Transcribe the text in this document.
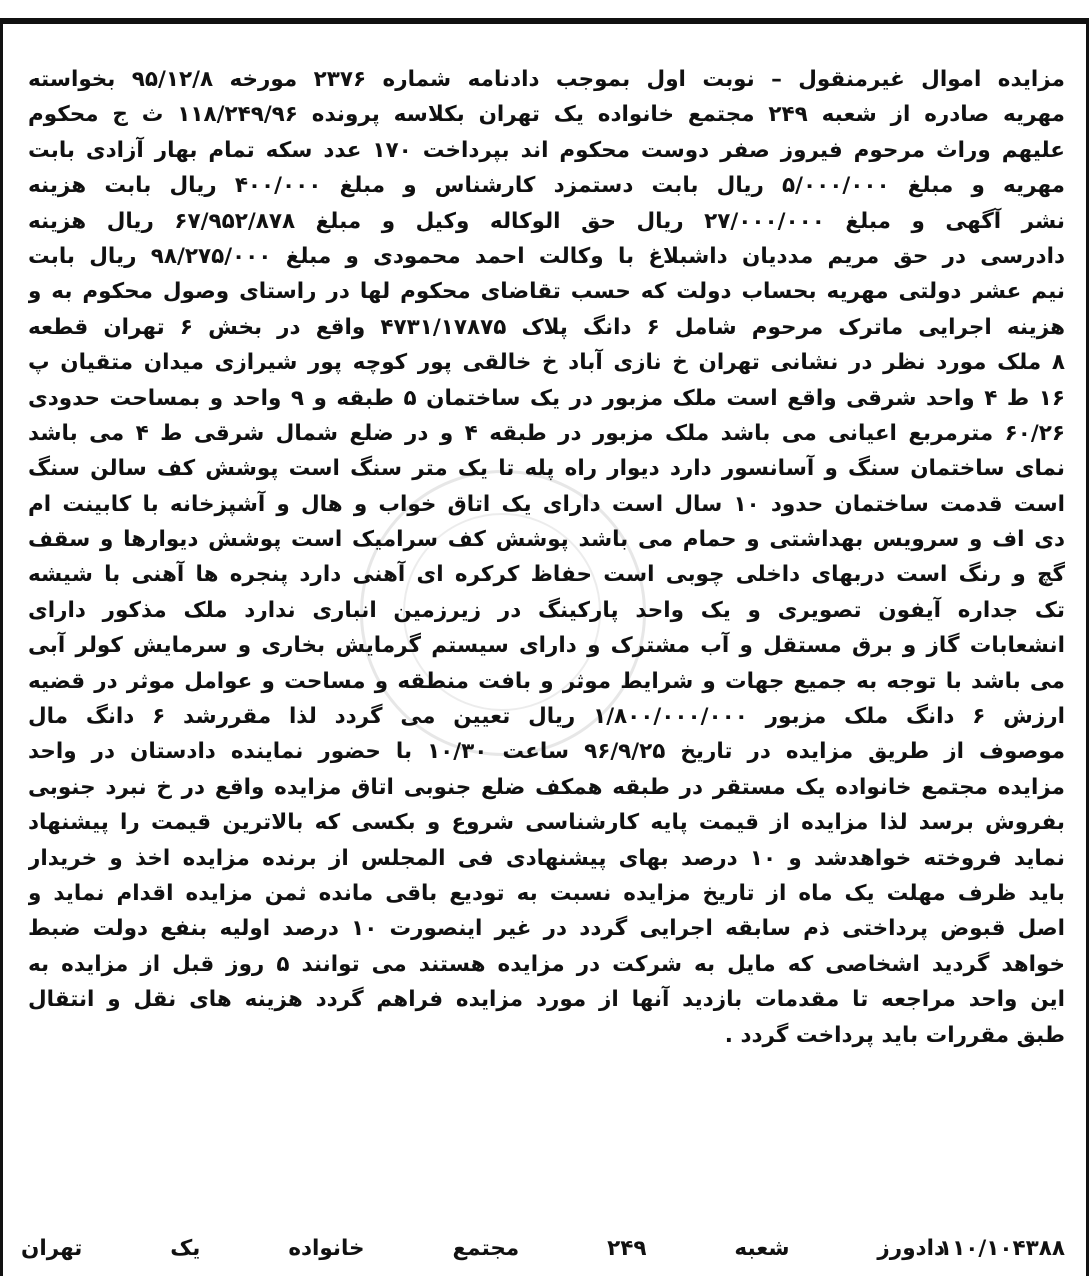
مزایده اموال غیرمنقول – نوبت اول بموجب دادنامه شماره ۲۳۷۶ مورخه ۹۵/۱۲/۸ بخواسته
مهریه صادره از شعبه ۲۴۹ مجتمع خانواده یک تهران بکلاسه پرونده ۱۱۸/۲۴۹/۹۶ ث ج محکوم
علیهم وراث مرحوم فیروز صفر دوست محکوم اند بپرداخت ۱۷۰ عدد سکه تمام بهار آزادی بابت
مهریه و مبلغ ۵/۰۰۰/۰۰۰ ریال بابت دستمزد کارشناس و مبلغ ۴۰۰/۰۰۰ ریال بابت هزینه
نشر آگهی و مبلغ ۲۷/۰۰۰/۰۰۰ ریال حق الوکاله وکیل و مبلغ ۶۷/۹۵۲/۸۷۸ ریال هزینه
دادرسی در حق مریم مددیان داشبلاغ با وکالت احمد محمودی و مبلغ ۹۸/۲۷۵/۰۰۰ ریال بابت
نیم عشر دولتی مهریه بحساب دولت که حسب تقاضای محکوم لها در راستای وصول محکوم به و
هزینه اجرایی ماترک مرحوم شامل ۶ دانگ پلاک ۴۷۳۱/۱۷۸۷۵ واقع در بخش ۶ تهران قطعه
۸ ملک مورد نظر در نشانی تهران خ نازی آباد خ خالقی پور کوچه پور شیرازی میدان متقیان پ
۱۶ ط ۴ واحد شرقی واقع است ملک مزبور در یک ساختمان ۵ طبقه و ۹ واحد و بمساحت حدودی
۶۰/۲۶ مترمربع اعیانی می باشد ملک مزبور در طبقه ۴ و در ضلع شمال شرقی ط ۴ می باشد
نمای ساختمان سنگ و آسانسور دارد دیوار راه پله تا یک متر سنگ است پوشش کف سالن سنگ
است قدمت ساختمان حدود ۱۰ سال است دارای یک اتاق خواب و هال و آشپزخانه با کابینت ام
دی اف و سرویس بهداشتی و حمام می باشد پوشش کف سرامیک است پوشش دیوارها و سقف
گچ و رنگ است دربهای داخلی چوبی است حفاظ کرکره ای آهنی دارد پنجره ها آهنی با شیشه
تک جداره آیفون تصویری و یک واحد پارکینگ در زیرزمین انباری ندارد ملک مذکور دارای
انشعابات گاز و برق مستقل و آب مشترک و دارای سیستم گرمایش بخاری و سرمایش کولر آبی
می باشد با توجه به جمیع جهات و شرایط موثر و بافت منطقه و مساحت و عوامل موثر در قضیه
ارزش ۶ دانگ ملک مزبور ۱/۸۰۰/۰۰۰/۰۰۰ ریال تعیین می گردد لذا مقررشد ۶ دانگ مال
موصوف از طریق مزایده در تاریخ ۹۶/۹/۲۵ ساعت ۱۰/۳۰ با حضور نماینده دادستان در واحد
مزایده مجتمع خانواده یک مستقر در طبقه همکف ضلع جنوبی اتاق مزایده واقع در خ نبرد جنوبی
بفروش برسد لذا مزایده از قیمت پایه کارشناسی شروع و بکسی که بالاترین قیمت را پیشنهاد
نماید فروخته خواهدشد و ۱۰ درصد بهای پیشنهادی فی المجلس از برنده مزایده اخذ و خریدار
باید ظرف مهلت یک ماه از تاریخ مزایده نسبت به تودیع باقی مانده ثمن مزایده اقدام نماید و
اصل قبوض پرداختی ذم سابقه اجرایی گردد در غیر اینصورت ۱۰ درصد اولیه بنفع دولت ضبط
خواهد گردید اشخاصی که مایل به شرکت در مزایده هستند می توانند ۵ روز قبل از مزایده به
این واحد مراجعه تا مقدمات بازدید آنها از مورد مزایده فراهم گردد هزینه های نقل و انتقال
طبق مقررات باید پرداخت گردد .
۱۱۰/۱۰۴۳۸۸
دادورز شعبه ۲۴۹ مجتمع خانواده یک تهران
